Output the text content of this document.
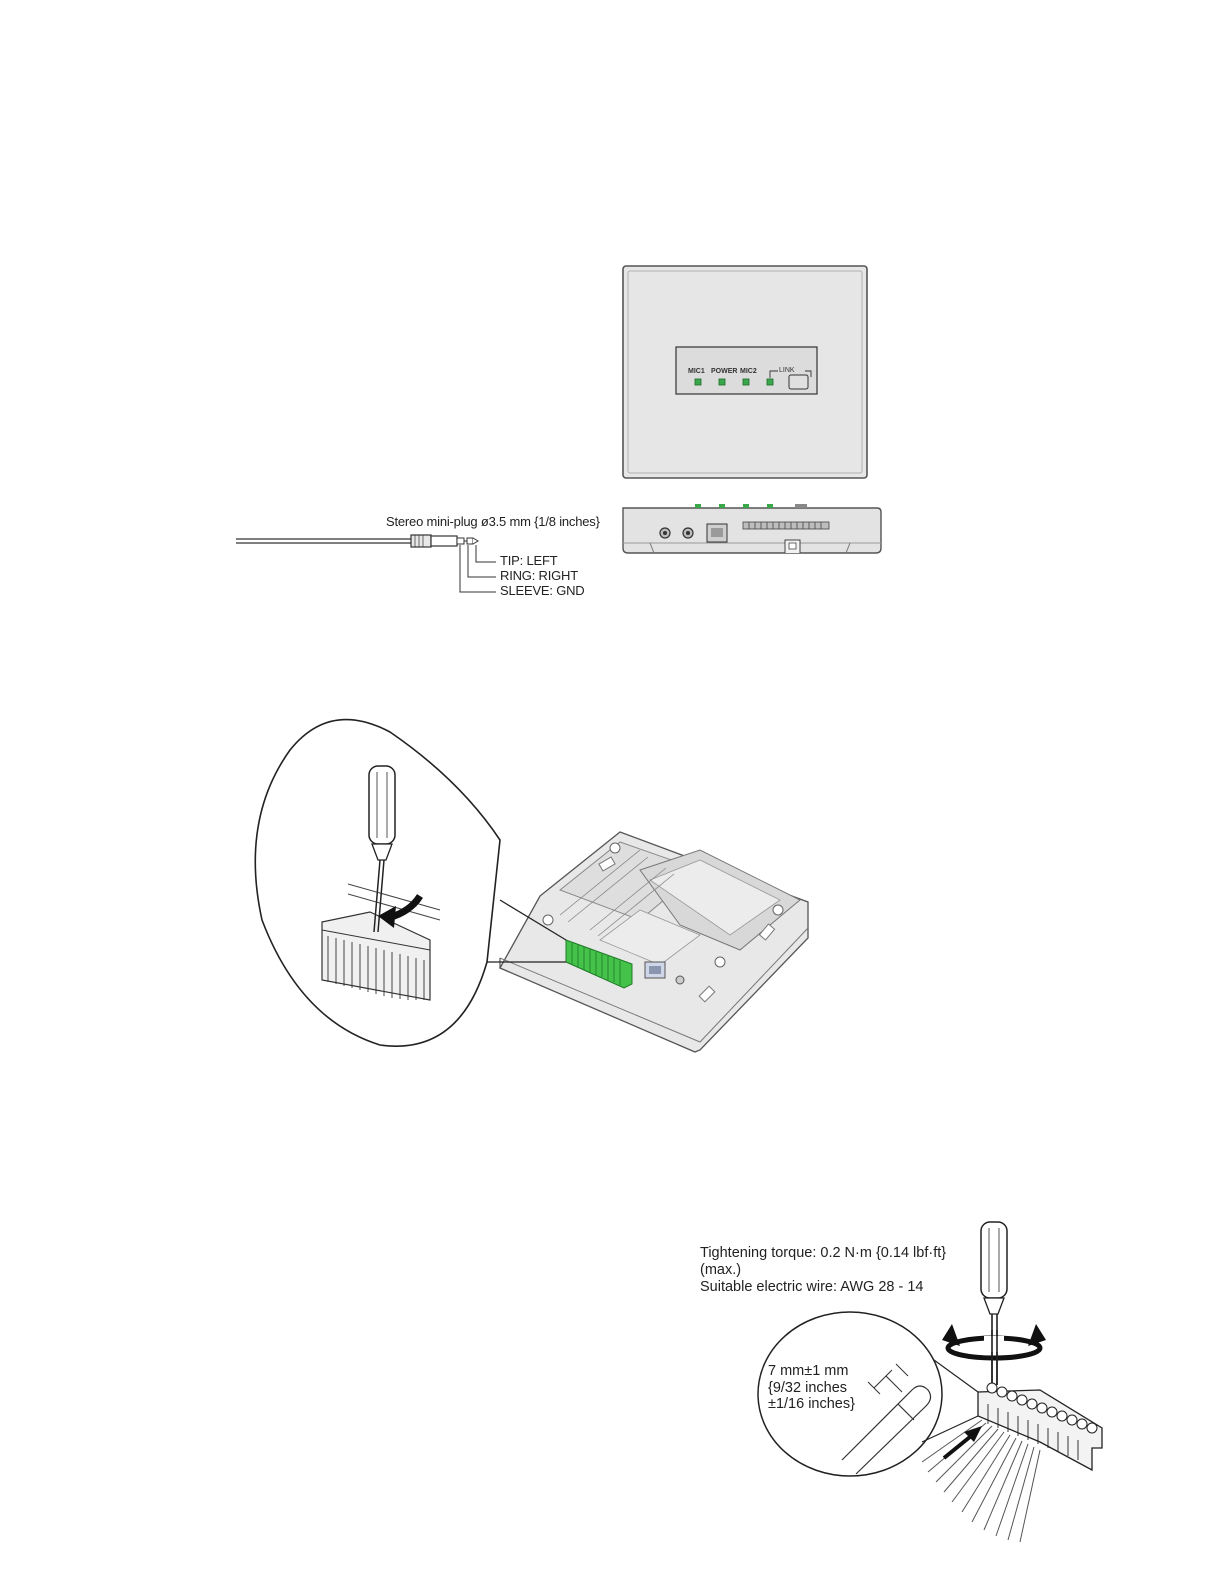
MIC1 POWER MIC2	LINK
Stereo mini-plug ø3.5 mm {1/8 inches}
TIP: LEFT
RING: RIGHT
SLEEVE: GND
Tightening torque: 0.2 N·m {0.14 lbf·ft}
(max.)
Suitable electric wire: AWG 28 - 14
7 mm±1 mm
{9/32 inches
±1/16 inches}
